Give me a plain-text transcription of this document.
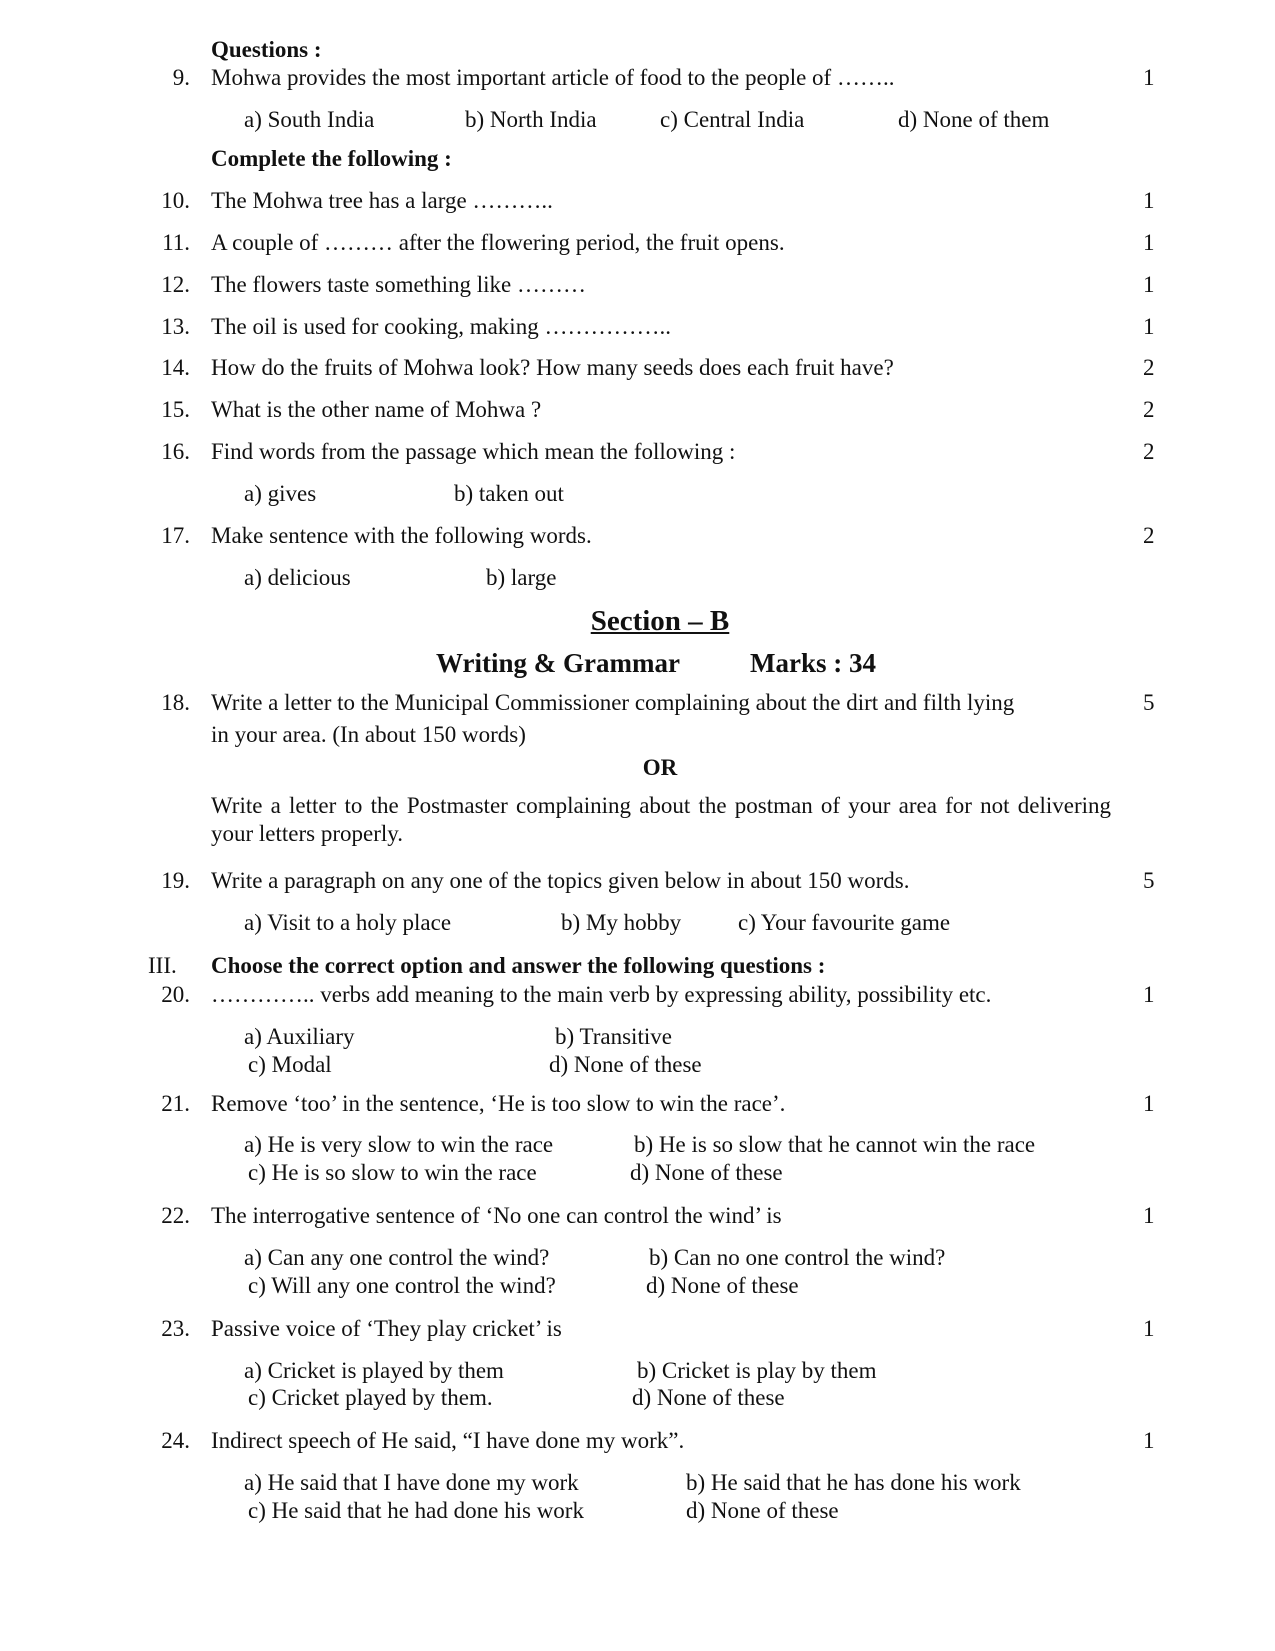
Questions :
9. Mohwa provides the most important article of food to the people of ……..	1
a) South India	b) North India	c) Central India	d) None of them
Complete the following :
10. The Mohwa tree has a large ………..	1
11. A couple of ……… after the flowering period, the fruit opens.	1
12. The flowers taste something like ………	1
13. The oil is used for cooking, making ……………..	1
14. How do the fruits of Mohwa look? How many seeds does each fruit have?	2
15. What is the other name of Mohwa ?	2
16. Find words from the passage which mean the following :	2
a) gives	b) taken out
17. Make sentence with the following words.	2
a) delicious	b) large
Section – B
Writing & Grammar	Marks : 34
18. Write a letter to the Municipal Commissioner complaining about the dirt and filth lying
in your area. (In about 150 words)
5
OR
Write a letter to the Postmaster complaining about the postman of your area for not delivering your letters properly.
19. Write a paragraph on any one of the topics given below in about 150 words.	5
a) Visit to a holy place	b) My hobby c) Your favourite game
III. Choose the correct option and answer the following questions :
20. ………….. verbs add meaning to the main verb by expressing ability, possibility etc.	1
a) Auxiliary	b) Transitive
c) Modal	d) None of these
21. Remove ‘too’ in the sentence, ‘He is too slow to win the race’.	1
a) He is very slow to win the race	b) He is so slow that he cannot win the race
c) He is so slow to win the race	d) None of these
22. The interrogative sentence of ‘No one can control the wind’ is	1
a) Can any one control the wind?	b) Can no one control the wind?
c) Will any one control the wind?	d) None of these
23. Passive voice of ‘They play cricket’ is	1
a) Cricket is played by them	b) Cricket is play by them
c) Cricket played by them.	d) None of these
24. Indirect speech of He said, “I have done my work”.	1
a) He said that I have done my work	b) He said that he has done his work
c) He said that he had done his work	d) None of these
